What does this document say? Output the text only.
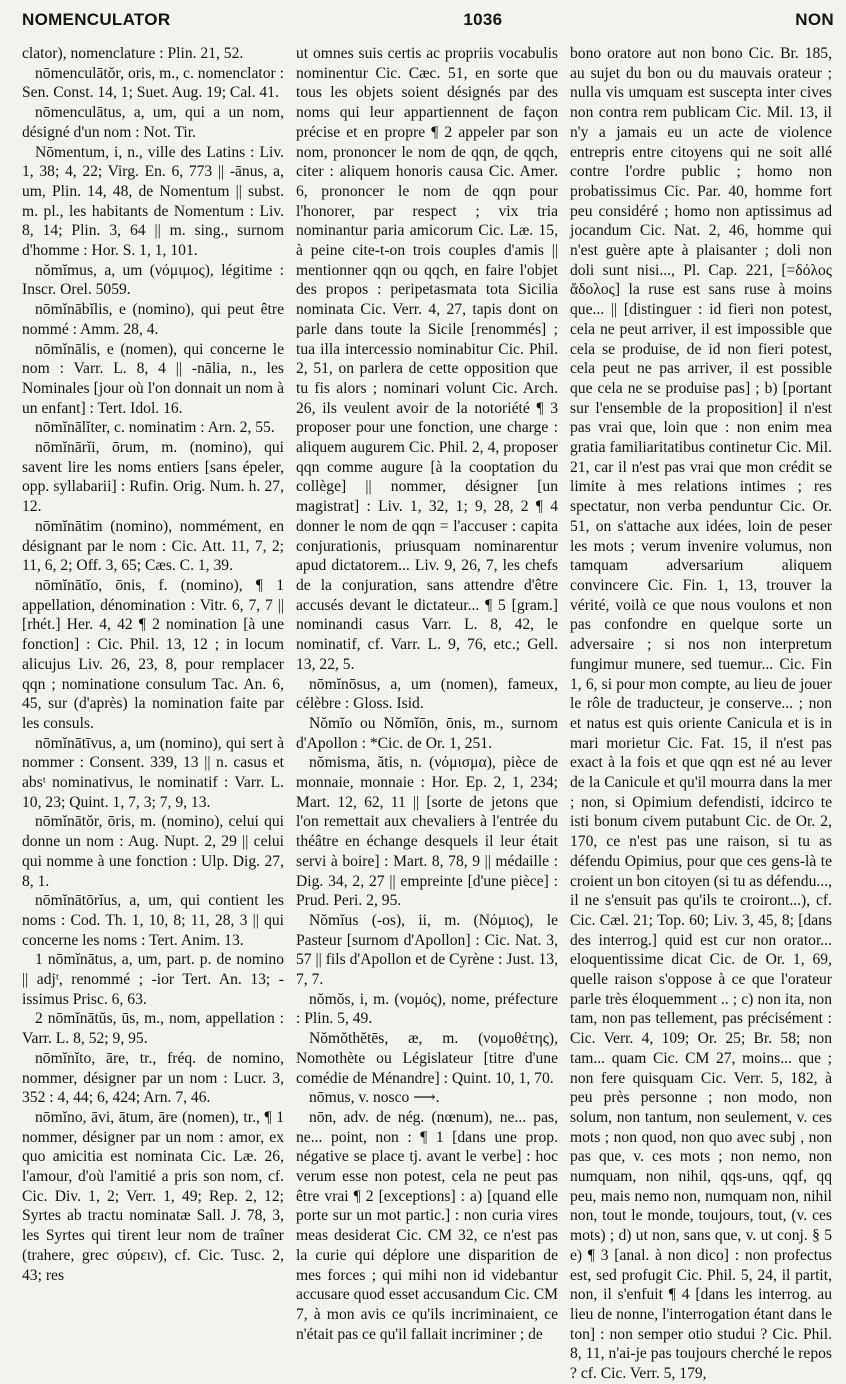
NOMENCULATOR	1036	NON

clator), nomenclature : Plin. 21, 52.

nōmenculātŏr, oris, m., c. nomenclator : Sen. Const. 14, 1; Suet. Aug. 19; Cal. 41.

nōmenculātus, a, um, qui a un nom, désigné d'un nom : Not. Tir.

Nōmentum, i, n., ville des Latins : Liv. 1, 38; 4, 22; Virg. En. 6, 773 || -ānus, a, um, Plin. 14, 48, de Nomentum || subst. m. pl., les habitants de Nomentum : Liv. 8, 14; Plin. 3, 64 || m. sing., surnom d'homme : Hor. S. 1, 1, 101.

nŏmĭmus, a, um (νόμιμος), légitime : Inscr. Orel. 5059.

nōmĭnābĭlis, e (nomino), qui peut être nommé : Amm. 28, 4.

nōmĭnālis, e (nomen), qui concerne le nom : Varr. L. 8, 4 || -nālia, n., les Nominales [jour où l'on donnait un nom à un enfant] : Tert. Idol. 16.

nōmĭnālĭter, c. nominatim : Arn. 2, 55.

nōmĭnārĭi, ōrum, m. (nomino), qui savent lire les noms entiers [sans épeler, opp. syllabarii] : Rufin. Orig. Num. h. 27, 12.

nōmĭnātim (nomino), nommément, en désignant par le nom : Cic. Att. 11, 7, 2; 11, 6, 2; Off. 3, 65; Cæs. C. 1, 39.

nōmĭnātĭo, ōnis, f. (nomino), ¶ 1 appellation, dénomination : Vitr. 6, 7, 7 || [rhét.] Her. 4, 42 ¶ 2 nomination [à une fonction] : Cic. Phil. 13, 12 ; in locum alicujus Liv. 26, 23, 8, pour remplacer qqn ; nominatione consulum Tac. An. 6, 45, sur (d'après) la nomination faite par les consuls.

nōmĭnātīvus, a, um (nomino), qui sert à nommer : Consent. 339, 13 || n. casus et absᵗ nominativus, le nominatif : Varr. L. 10, 23; Quint. 1, 7, 3; 7, 9, 13.

nōmĭnātŏr, ōris, m. (nomino), celui qui donne un nom : Aug. Nupt. 2, 29 || celui qui nomme à une fonction : Ulp. Dig. 27, 8, 1.

nōmĭnātōrĭus, a, um, qui contient les noms : Cod. Th. 1, 10, 8; 11, 28, 3 || qui concerne les noms : Tert. Anim. 13.

1 nōmĭnātus, a, um, part. p. de nomino || adjᵗ, renommé ; -ior Tert. An. 13; -issimus Prisc. 6, 63.

2 nōmĭnātŭs, ūs, m., nom, appellation : Varr. L. 8, 52; 9, 95.

nōmĭnĭto, āre, tr., fréq. de nomino, nommer, désigner par un nom : Lucr. 3, 352 : 4, 44; 6, 424; Arn. 7, 46.

nōmĭno, āvi, ātum, āre (nomen), tr., ¶ 1 nommer, désigner par un nom : amor, ex quo amicitia est nominata Cic. Læ. 26, l'amour, d'où l'amitié a pris son nom, cf. Cic. Div. 1, 2; Verr. 1, 49; Rep. 2, 12; Syrtes ab tractu nominatæ Sall. J. 78, 3, les Syrtes qui tirent leur nom de traîner (trahere, grec σύρειν), cf. Cic. Tusc. 2, 43; res

ut omnes suis certis ac propriis vocabulis nominentur Cic. Cæc. 51, en sorte que tous les objets soient désignés par des noms qui leur appartiennent de façon précise et en propre ¶ 2 appeler par son nom, prononcer le nom de qqn, de qqch, citer : aliquem honoris causa Cic. Amer. 6, prononcer le nom de qqn pour l'honorer, par respect ; vix tria nominantur paria amicorum Cic. Læ. 15, à peine cite-t-on trois couples d'amis || mentionner qqn ou qqch, en faire l'objet des propos : peripetasmata tota Sicilia nominata Cic. Verr. 4, 27, tapis dont on parle dans toute la Sicile [renommés] ; tua illa intercessio nominabitur Cic. Phil. 2, 51, on parlera de cette opposition que tu fis alors ; nominari volunt Cic. Arch. 26, ils veulent avoir de la notoriété ¶ 3 proposer pour une fonction, une charge : aliquem augurem Cic. Phil. 2, 4, proposer qqn comme augure [à la cooptation du collège] || nommer, désigner [un magistrat] : Liv. 1, 32, 1; 9, 28, 2 ¶ 4 donner le nom de qqn = l'accuser : capita conjurationis, priusquam nominarentur apud dictatorem... Liv. 9, 26, 7, les chefs de la conjuration, sans attendre d'être accusés devant le dictateur... ¶ 5 [gram.] nominandi casus Varr. L. 8, 42, le nominatif, cf. Varr. L. 9, 76, etc.; Gell. 13, 22, 5.

nōmĭnōsus, a, um (nomen), fameux, célèbre : Gloss. Isid.

Nŏmĭo ou Nŏmĭōn, ōnis, m., surnom d'Apollon : *Cic. de Or. 1, 251.

nŏmisma, ătis, n. (νόμισμα), pièce de monnaie, monnaie : Hor. Ep. 2, 1, 234; Mart. 12, 62, 11 || [sorte de jetons que l'on remettait aux chevaliers à l'entrée du théâtre en échange desquels il leur était servi à boire] : Mart. 8, 78, 9 || médaille : Dig. 34, 2, 27 || empreinte [d'une pièce] : Prud. Peri. 2, 95.

Nŏmĭus (-os), ii, m. (Νόμιος), le Pasteur [surnom d'Apollon] : Cic. Nat. 3, 57 || fils d'Apollon et de Cyrène : Just. 13, 7, 7.

nŏmŏs, i, m. (νομός), nome, préfecture : Plin. 5, 49.

Nŏmŏthĕtēs, æ, m. (νομοθέτης), Nomothète ou Législateur [titre d'une comédie de Ménandre] : Quint. 10, 1, 70.

nōmus, v. nosco ⟶.

nōn, adv. de nég. (nœnum), ne... pas, ne... point, non : ¶ 1 [dans une prop. négative se place tj. avant le verbe] : hoc verum esse non potest, cela ne peut pas être vrai ¶ 2 [exceptions] : a) [quand elle porte sur un mot partic.] : non curia vires meas desiderat Cic. CM 32, ce n'est pas la curie qui déplore une disparition de mes forces ; qui mihi non id videbantur accusare quod esset accusandum Cic. CM 7, à mon avis ce qu'ils incriminaient, ce n'était pas ce qu'il fallait incriminer ; de

bono oratore aut non bono Cic. Br. 185, au sujet du bon ou du mauvais orateur ; nulla vis umquam est suscepta inter cives non contra rem publicam Cic. Mil. 13, il n'y a jamais eu un acte de violence entrepris entre citoyens qui ne soit allé contre l'ordre public ; homo non probatissimus Cic. Par. 40, homme fort peu considéré ; homo non aptissimus ad jocandum Cic. Nat. 2, 46, homme qui n'est guère apte à plaisanter ; doli non doli sunt nisi..., Pl. Cap. 221, [=δόλος ἄδολος] la ruse est sans ruse à moins que... || [distinguer : id fieri non potest, cela ne peut arriver, il est impossible que cela se produise, de id non fieri potest, cela peut ne pas arriver, il est possible que cela ne se produise pas] ; b) [portant sur l'ensemble de la proposition] il n'est pas vrai que, loin que : non enim mea gratia familiaritatibus continetur Cic. Mil. 21, car il n'est pas vrai que mon crédit se limite à mes relations intimes ; res spectatur, non verba penduntur Cic. Or. 51, on s'attache aux idées, loin de peser les mots ; verum invenire volumus, non tamquam adversarium aliquem convincere Cic. Fin. 1, 13, trouver la vérité, voilà ce que nous voulons et non pas confondre en quelque sorte un adversaire ; si nos non interpretum fungimur munere, sed tuemur... Cic. Fin 1, 6, si pour mon compte, au lieu de jouer le rôle de traducteur, je conserve... ; non et natus est quis oriente Canicula et is in mari morietur Cic. Fat. 15, il n'est pas exact à la fois et que qqn est né au lever de la Canicule et qu'il mourra dans la mer ; non, si Opimium defendisti, idcirco te isti bonum civem putabunt Cic. de Or. 2, 170, ce n'est pas une raison, si tu as défendu Opimius, pour que ces gens-là te croient un bon citoyen (si tu as défendu..., il ne s'ensuit pas qu'ils te croiront...), cf. Cic. Cæl. 21; Top. 60; Liv. 3, 45, 8; [dans des interrog.] quid est cur non orator... eloquentissime dicat Cic. de Or. 1, 69, quelle raison s'oppose à ce que l'orateur parle très éloquemment .. ; c) non ita, non tam, non pas tellement, pas précisément : Cic. Verr. 4, 109; Or. 25; Br. 58; non tam... quam Cic. CM 27, moins... que ; non fere quisquam Cic. Verr. 5, 182, à peu près personne ; non modo, non solum, non tantum, non seulement, v. ces mots ; non quod, non quo avec subj , non pas que, v. ces mots ; non nemo, non numquam, non nihil, qqs-uns, qqf, qq peu, mais nemo non, numquam non, nihil non, tout le monde, toujours, tout, (v. ces mots) ; d) ut non, sans que, v. ut conj. § 5 e) ¶ 3 [anal. à non dico] : non profectus est, sed profugit Cic. Phil. 5, 24, il partit, non, il s'enfuit ¶ 4 [dans les interrog. au lieu de nonne, l'interrogation étant dans le ton] : non semper otio studui ? Cic. Phil. 8, 11, n'ai-je pas toujours cherché le repos ? cf. Cic. Verr. 5, 179,
